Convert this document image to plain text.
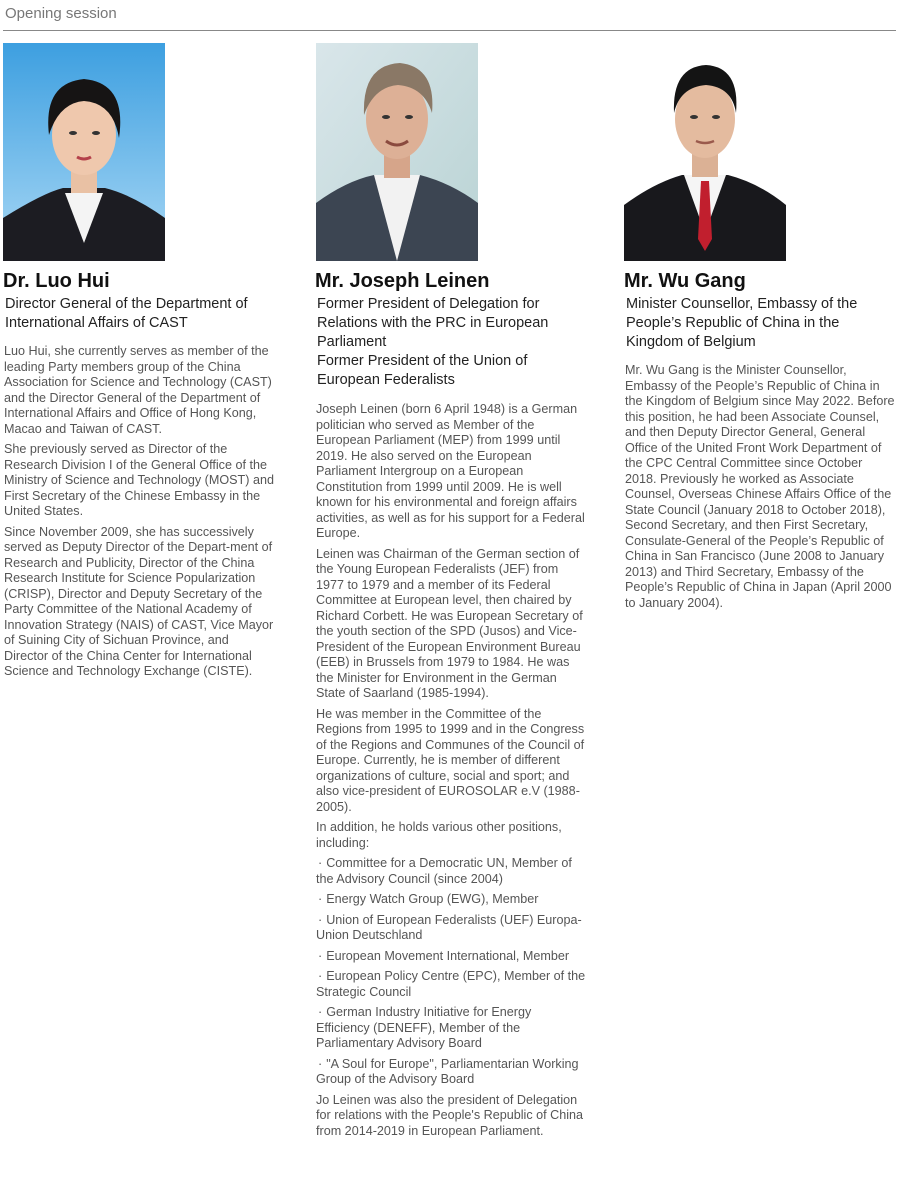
Opening session
Dr. Luo Hui
Director General of the Department of
International Affairs of CAST

Luo Hui, she currently serves as member of the leading Party members group of the China Association for Science and Technology (CAST) and the Director General of the Department of International Affairs and Office of Hong Kong, Macao and Taiwan of CAST.

She previously served as Director of the Research Division I of the General Office of the Ministry of Science and Technology (MOST) and First Secretary of the Chinese Embassy in the United States.

Since November 2009, she has successively served as Deputy Director of the Depart-ment of Research and Publicity, Director of the China Research Institute for Science Popularization (CRISP), Director and Deputy Secretary of the Party Committee of the National Academy of Innovation Strategy (NAIS) of CAST, Vice Mayor of Suining City of Sichuan Province, and Director of the China Center for International Science and Technology Exchange (CISTE).

Mr. Joseph Leinen
Former President of Delegation for
Relations with the PRC in European
Parliament
Former President of the Union of
European Federalists

Joseph Leinen (born 6 April 1948) is a German politician who served as Member of the European Parliament (MEP) from 1999 until 2019. He also served on the European Parliament Intergroup on a European Constitution from 1999 until 2009. He is well known for his environmental and foreign affairs activities, as well as for his support for a Federal Europe.

Leinen was Chairman of the German section of the Young European Federalists (JEF) from 1977 to 1979 and a member of its Federal Committee at European level, then chaired by Richard Corbett. He was European Secretary of the youth section of the SPD (Jusos) and Vice-President of the European Environment Bureau (EEB) in Brussels from 1979 to 1984. He was the Minister for Environment in the German State of Saarland (1985-1994).

He was member in the Committee of the Regions from 1995 to 1999 and in the Congress of the Regions and Communes of the Council of Europe. Currently, he is member of different organizations of culture, social and sport; and also vice-president of EUROSOLAR e.V (1988-2005).

In addition, he holds various other positions, including:

· Committee for a Democratic UN, Member of the Advisory Council (since 2004)
· Energy Watch Group (EWG), Member
· Union of European Federalists (UEF) Europa-Union Deutschland
· European Movement International, Member
· European Policy Centre (EPC), Member of the Strategic Council
· German Industry Initiative for Energy Efficiency (DENEFF), Member of the Parliamentary Advisory Board
· "A Soul for Europe", Parliamentarian Working Group of the Advisory Board

Jo Leinen was also the president of Delegation for relations with the People's Republic of China from 2014-2019 in European Parliament.

Mr. Wu Gang
Minister Counsellor, Embassy of the
People’s Republic of China in the
Kingdom of Belgium

Mr. Wu Gang is the Minister Counsellor, Embassy of the People’s Republic of China in the Kingdom of Belgium since May 2022. Before this position, he had been Associate Counsel, and then Deputy Director General, General Office of the United Front Work Department of the CPC Central Committee since October 2018. Previously he worked as Associate Counsel, Overseas Chinese Affairs Office of the State Council (January 2018 to October 2018), Second Secretary, and then First Secretary, Consulate-General of the People’s Republic of China in San Francisco (June 2008 to January 2013) and Third Secretary, Embassy of the People’s Republic of China in Japan (April 2000 to January 2004).
